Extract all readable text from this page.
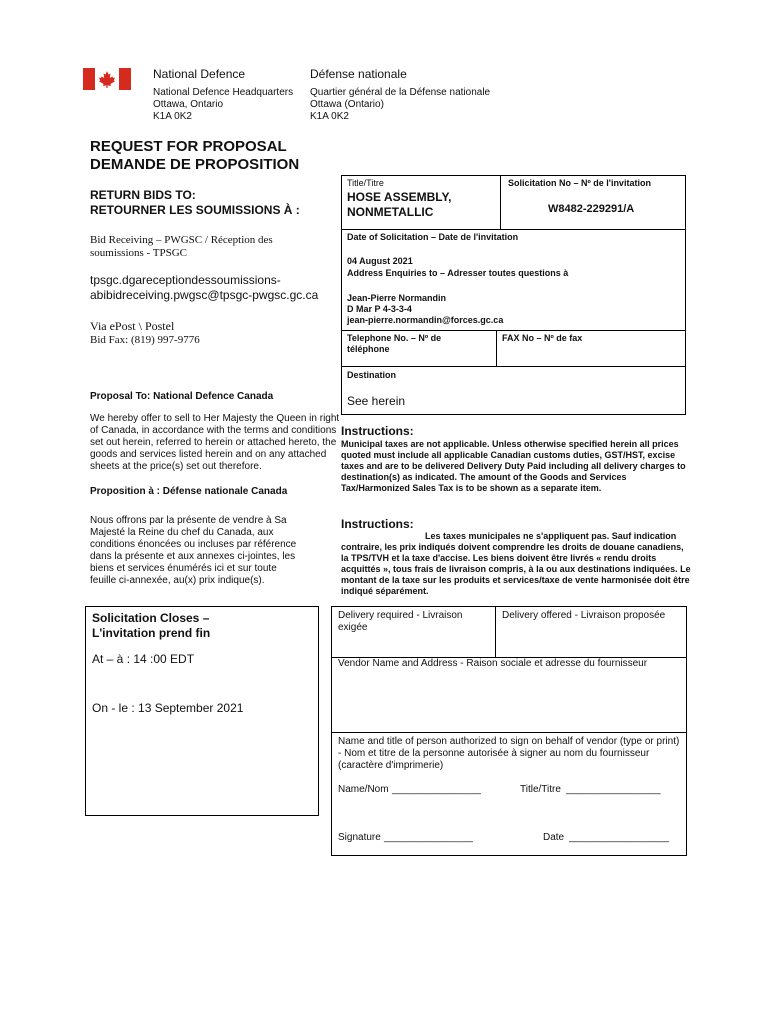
National Defence	Défense nationale
National Defence Headquarters
Ottawa, Ontario
K1A 0K2
Quartier général de la Défense nationale
Ottawa (Ontario)
K1A 0K2
REQUEST FOR PROPOSAL
DEMANDE DE PROPOSITION
RETURN BIDS TO:
RETOURNER LES SOUMISSIONS À :
Bid Receiving – PWGSC / Réception des
soumissions - TPSGC
tpsgc.dgareceptiondessoumissions-
abibidreceiving.pwgsc@tpsgc-pwgsc.gc.ca
Via ePost \ Postel
Bid Fax: (819) 997-9776
Proposal To: National Defence Canada
We hereby offer to sell to Her Majesty the Queen in right of Canada, in accordance with the terms and conditions set out herein, referred to herein or attached hereto, the goods and services listed herein and on any attached sheets at the price(s) set out therefore.
Proposition à : Défense nationale Canada
Nous offrons par la présente de vendre à Sa Majesté la Reine du chef du Canada, aux conditions énoncées ou incluses par référence dans la présente et aux annexes ci-jointes, les biens et services énumérés ici et sur toute feuille ci-annexée, au(x) prix indique(s).
Solicitation Closes –
L'invitation prend fin
At – à : 14 :00 EDT
On - le : 13 September 2021
Title/Titre
HOSE ASSEMBLY,
NONMETALLIC
Solicitation No – Nº de l'invitation
W8482-229291/A
Date of Solicitation – Date de l'invitation
04 August 2021
Address Enquiries to – Adresser toutes questions à
Jean-Pierre Normandin
D Mar P 4-3-3-4
jean-pierre.normandin@forces.gc.ca
Telephone No. – Nº de
téléphone
FAX No – Nº de fax
Destination
See herein
Instructions:
Municipal taxes are not applicable. Unless otherwise specified herein all prices quoted must include all applicable Canadian customs duties, GST/HST, excise taxes and are to be delivered Delivery Duty Paid including all delivery charges to destination(s) as indicated. The amount of the Goods and Services Tax/Harmonized Sales Tax is to be shown as a separate item.
Instructions:
Les taxes municipales ne s'appliquent pas. Sauf indication contraire, les prix indiqués doivent comprendre les droits de douane canadiens, la TPS/TVH et la taxe d'accise. Les biens doivent être livrés « rendu droits acquittés », tous frais de livraison compris, à la ou aux destinations indiquées. Le montant de la taxe sur les produits et services/taxe de vente harmonisée doit être indiqué séparément.
Delivery required - Livraison
exigée
Delivery offered - Livraison proposée
Vendor Name and Address - Raison sociale et adresse du fournisseur
Name and title of person authorized to sign on behalf of vendor (type or print) - Nom et titre de la personne autorisée à signer au nom du fournisseur (caractère d'imprimerie)
Name/Nom ________________	Title/Titre _________________
Signature ________________	Date __________________
